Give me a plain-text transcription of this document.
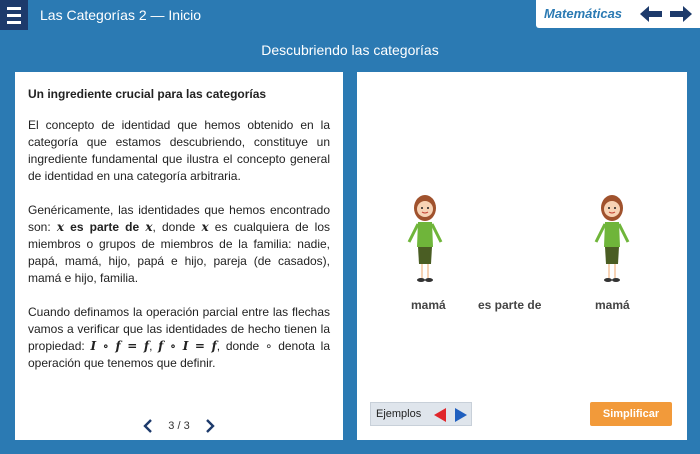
Las Categorías 2 — Inicio	Matemáticas
Descubriendo las categorías
Un ingrediente crucial para las categorías

El concepto de identidad que hemos obtenido en la categoría que estamos descubriendo, constituye un ingrediente fundamental que ilustra el concepto general de identidad en una categoría arbitraria.

Genéricamente, las identidades que hemos encontrado son: x es parte de x, donde x es cualquiera de los miembros o grupos de miembros de la familia: nadie, papá, mamá, hijo, papá e hijo, pareja (de casados), mamá e hijo, familia.

Cuando definamos la operación parcial entre las flechas vamos a verificar que las identidades de hecho tienen la propiedad: I ∘ f = f, f ∘ I = f, donde ∘ denota la operación que tenemos que definir.

3 / 3
mamá	es parte de	mamá
Ejemplos	Simplificar
